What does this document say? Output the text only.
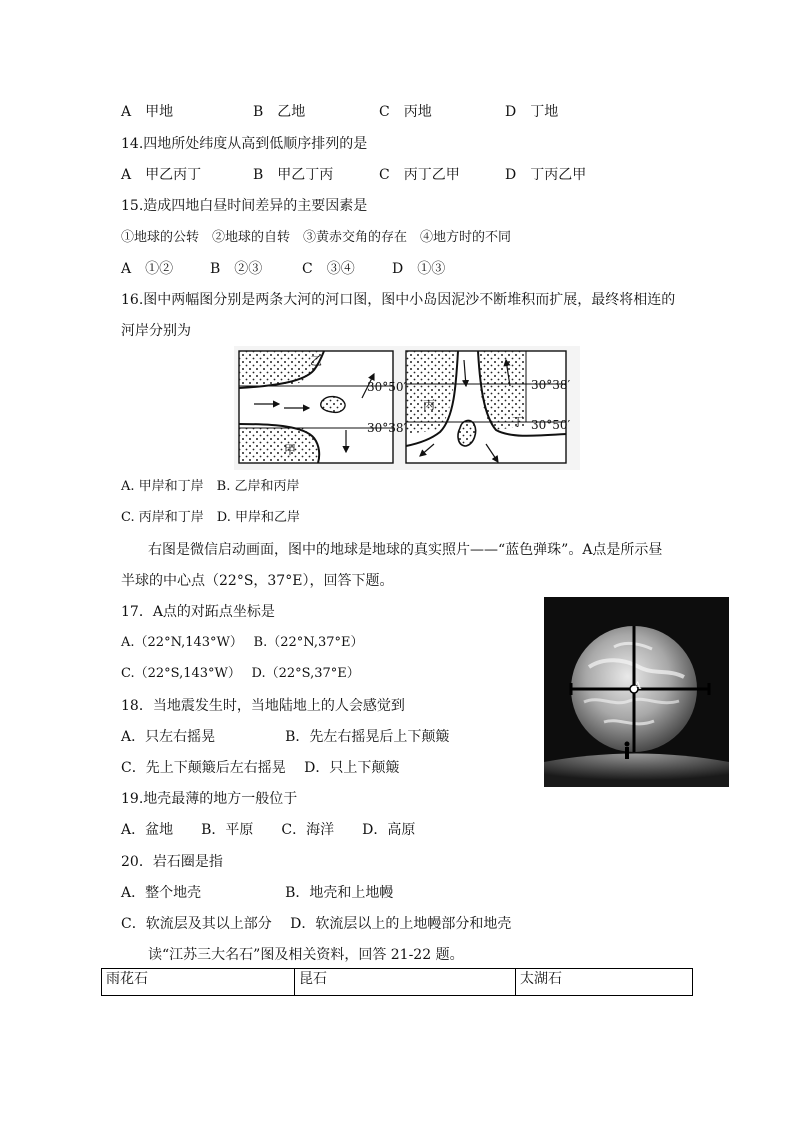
A　甲地	B　乙地	C　丙地	D　丁地
14.四地所处纬度从高到低顺序排列的是
A　甲乙丙丁	B　甲乙丁丙	C　丙丁乙甲	D　丁丙乙甲
15.造成四地白昼时间差异的主要因素是
①地球的公转　②地球的自转　③黄赤交角的存在　④地方时的不同
A　①②	B　②③	C　③④	D　①③
16.图中两幅图分别是两条大河的河口图，图中小岛因泥沙不断堆积而扩展，最终将相连的
河岸分别为
乙
甲
30°50′
30°38′
丙
丁
30°38′
30°50′
A. 甲岸和丁岸　B. 乙岸和丙岸
C. 丙岸和丁岸　D. 甲岸和乙岸
右图是微信启动画面，图中的地球是地球的真实照片——“蓝色弹珠”。A点是所示昼
半球的中心点（22°S，37°E），回答下题。
A
17．A点的对跖点坐标是
A.（22°N,143°W）　 B.（22°N,37°E）
C.（22°S,143°W）　 D.（22°S,37°E）
18．当地震发生时，当地陆地上的人会感觉到
A．只左右摇晃　　　　　B．先左右摇晃后上下颠簸
C．先上下颠簸后左右摇晃　 D．只上下颠簸
19.地壳最薄的地方一般位于
A．盆地　　B．平原　　C．海洋　　D．高原
20．岩石圈是指
A．整个地壳　　　　　　B．地壳和上地幔
C．软流层及其以上部分　 D．软流层以上的上地幔部分和地壳
读“江苏三大名石”图及相关资料，回答 21-22 题。
雨花石	昆石	太湖石
